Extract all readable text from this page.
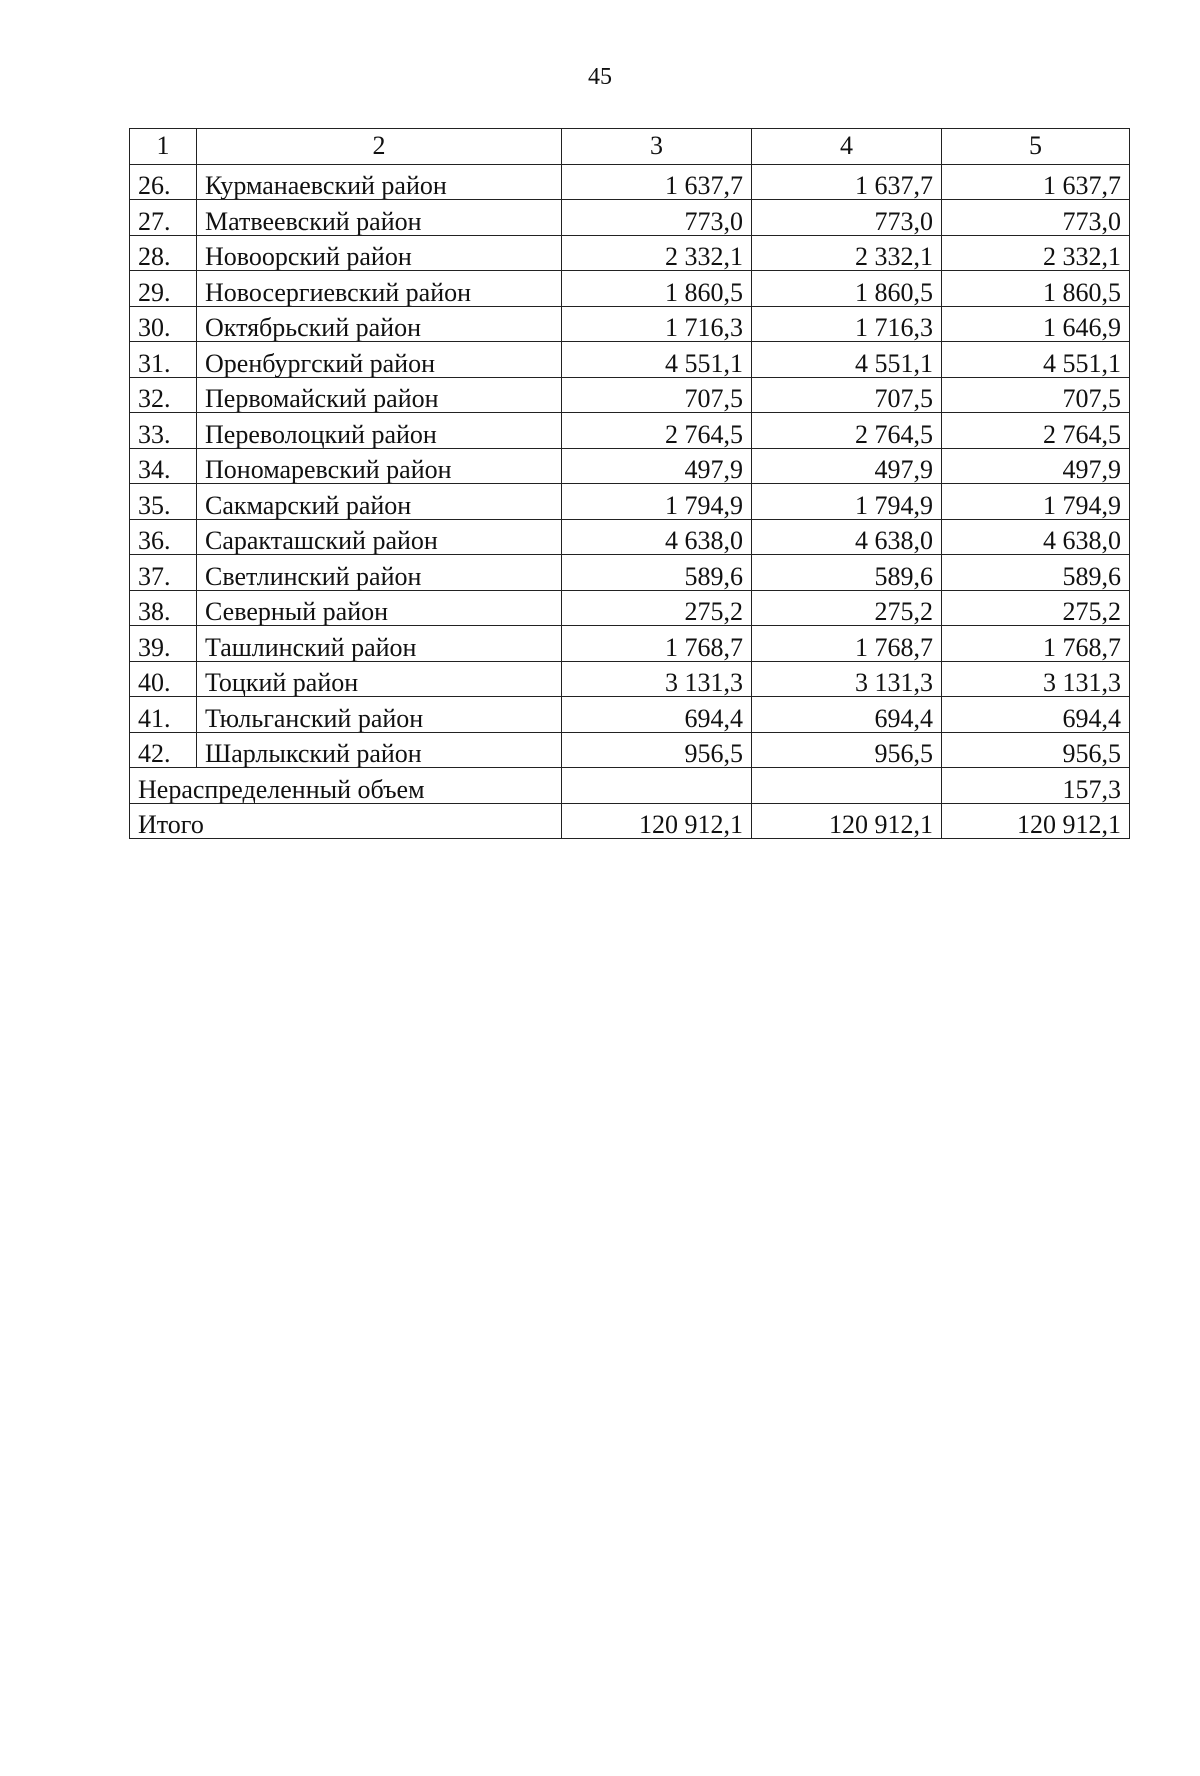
45
1	2	3	4	5
26.	Курманаевский район	1 637,7	1 637,7	1 637,7
27.	Матвеевский район	773,0	773,0	773,0
28.	Новоорский район	2 332,1	2 332,1	2 332,1
29.	Новосергиевский район	1 860,5	1 860,5	1 860,5
30.	Октябрьский район	1 716,3	1 716,3	1 646,9
31.	Оренбургский район	4 551,1	4 551,1	4 551,1
32.	Первомайский район	707,5	707,5	707,5
33.	Переволоцкий район	2 764,5	2 764,5	2 764,5
34.	Пономаревский район	497,9	497,9	497,9
35.	Сакмарский район	1 794,9	1 794,9	1 794,9
36.	Саракташский район	4 638,0	4 638,0	4 638,0
37.	Светлинский район	589,6	589,6	589,6
38.	Северный район	275,2	275,2	275,2
39.	Ташлинский район	1 768,7	1 768,7	1 768,7
40.	Тоцкий район	3 131,3	3 131,3	3 131,3
41.	Тюльганский район	694,4	694,4	694,4
42.	Шарлыкский район	956,5	956,5	956,5
Нераспределенный объем				157,3
Итого		120 912,1	120 912,1	120 912,1
